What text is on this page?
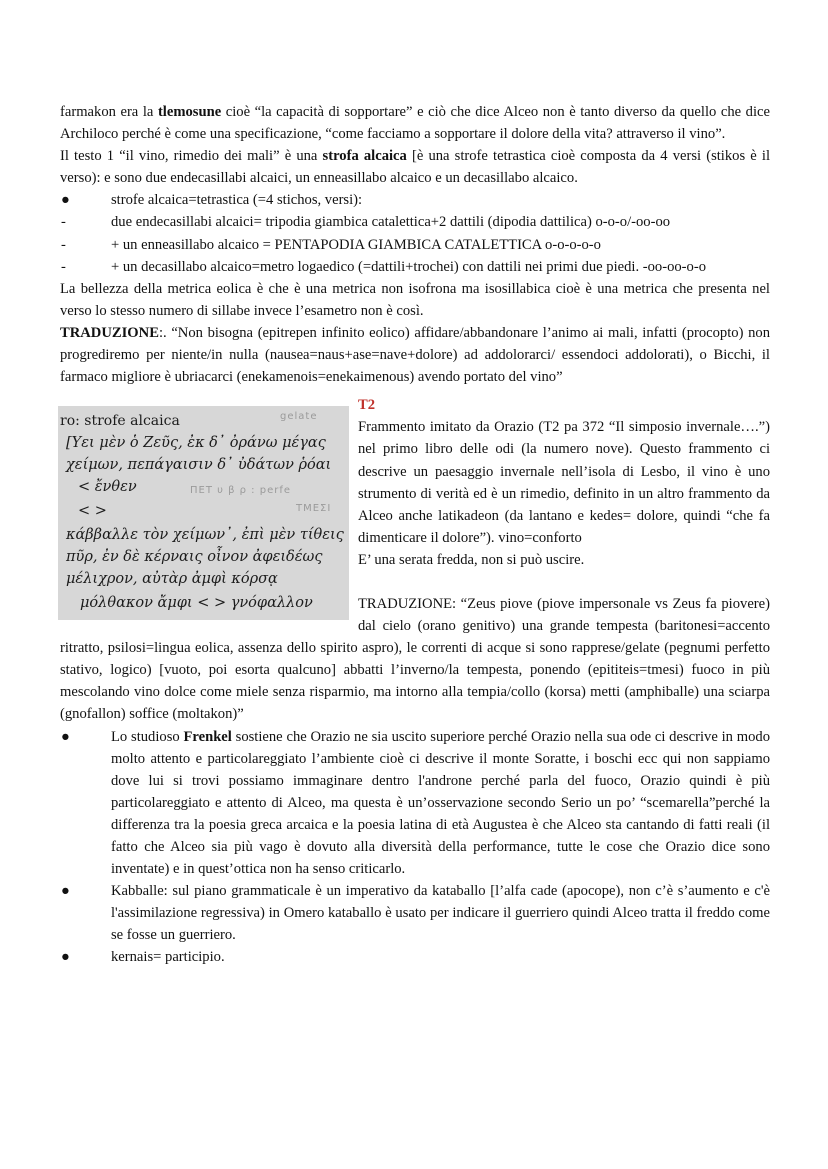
farmakon era la tlemosune cioè “la capacità di sopportare” e ciò che dice Alceo non è tanto diverso da quello che dice Archiloco perché è come una specificazione, “come facciamo a sopportare il dolore della vita? attraverso il vino”.

Il testo 1 “il vino, rimedio dei mali” è una strofa alcaica [è una strofe tetrastica cioè composta da 4 versi (stikos è il verso): e sono due endecasillabi alcaici, un enneasillabo alcaico e un decasillabo alcaico.

●	strofe alcaica=tetrastica (=4 stichos, versi):
-	due endecasillabi alcaici= tripodia giambica catalettica+2 dattili (dipodia dattilica) o-o-o/-oo-oo
-	+ un enneasillabo alcaico = PENTAPODIA GIAMBICA CATALETTICA o-o-o-o-o
-	+ un decasillabo alcaico=metro logaedico (=dattili+trochei) con dattili nei primi due piedi. -oo-oo-o-o

La bellezza della metrica eolica è che è una metrica non isofrona ma isosillabica cioè è una metrica che presenta nel verso lo stesso numero di sillabe invece l’esametro non è così.

TRADUZIONE:. “Non bisogna (epitrepen infinito eolico) affidare/abbandonare l’animo ai mali, infatti (procopto) non progrediremo per niente/in nulla (nausea=naus+ase=nave+dolore) ad addolorarci/ essendoci addolorati), o Bicchi, il farmaco migliore è ubriacarci (enekamenois=enekaimenous) avendo portato del vino”

ro: strofe alcaica	gelate
[Υει μὲν ὁ Ζεῦς, ἐκ δ᾽ ὀράνω μέγας
χείμων, πεπάγαισιν δ᾽ ὐδάτων ῥόαι
< ἔνθεν	ΠΕΤ υ β ρ : perfe
ΤΜΕΣΙ
< >
κάββαλλε τὸν χείμων᾽, ἐπὶ μὲν τίθεις
πῦρ, ἐν δὲ κέρναις οἶνον ἀφειδέως
μέλιχρον, αὐτὰρ ἀμφὶ κόρσᾳ
μόλθακον ἄμφι < > γνόφαλλον

T2

Frammento imitato da Orazio (T2 pa 372 “Il simposio invernale….”) nel primo libro delle odi (la numero nove). Questo frammento ci descrive un paesaggio invernale nell’isola di Lesbo, il vino è uno strumento di verità ed è un rimedio, definito in un altro frammento da Alceo anche latikadeon (da lantano e kedes= dolore, quindi “che fa dimenticare il dolore”). vino=conforto

E’ una serata fredda, non si può uscire.

TRADUZIONE: “Zeus piove (piove impersonale vs Zeus fa piovere) dal cielo (orano genitivo) una grande tempesta (baritonesi=accento ritratto, psilosi=lingua eolica, assenza dello spirito aspro), le correnti di acque si sono rapprese/gelate (pegnumi perfetto stativo, logico) [vuoto, poi esorta qualcuno] abbatti l’inverno/la tempesta, ponendo (epititeis=tmesi) fuoco in più mescolando vino dolce come miele senza risparmio, ma intorno alla tempia/collo (korsa) metti (amphiballe) una sciarpa (gnofallon) soffice (moltakon)”

●	Lo studioso Frenkel sostiene che Orazio ne sia uscito superiore perché Orazio nella sua ode ci descrive in modo molto attento e particolareggiato l’ambiente cioè ci descrive il monte Soratte, i boschi ecc qui non sappiamo dove lui si trovi possiamo immaginare dentro l'androne perché parla del fuoco, Orazio quindi è più particolareggiato e attento di Alceo, ma questa è un’osservazione secondo Serio un po’ “scemarella”perché la differenza tra la poesia greca arcaica e la poesia latina di età Augustea è che Alceo sta cantando di fatti reali (il fatto che Alceo sia più vago è dovuto alla diversità della performance, tutte le cose che Orazio dice sono inventate) e in quest’ottica non ha senso criticarlo.
●	Kabballe: sul piano grammaticale è un imperativo da kataballo [l’alfa cade (apocope), non c’è s’aumento e c'è l'assimilazione regressiva) in Omero kataballo è usato per indicare il guerriero quindi Alceo tratta il freddo come se fosse un guerriero.
●	kernais= participio.
